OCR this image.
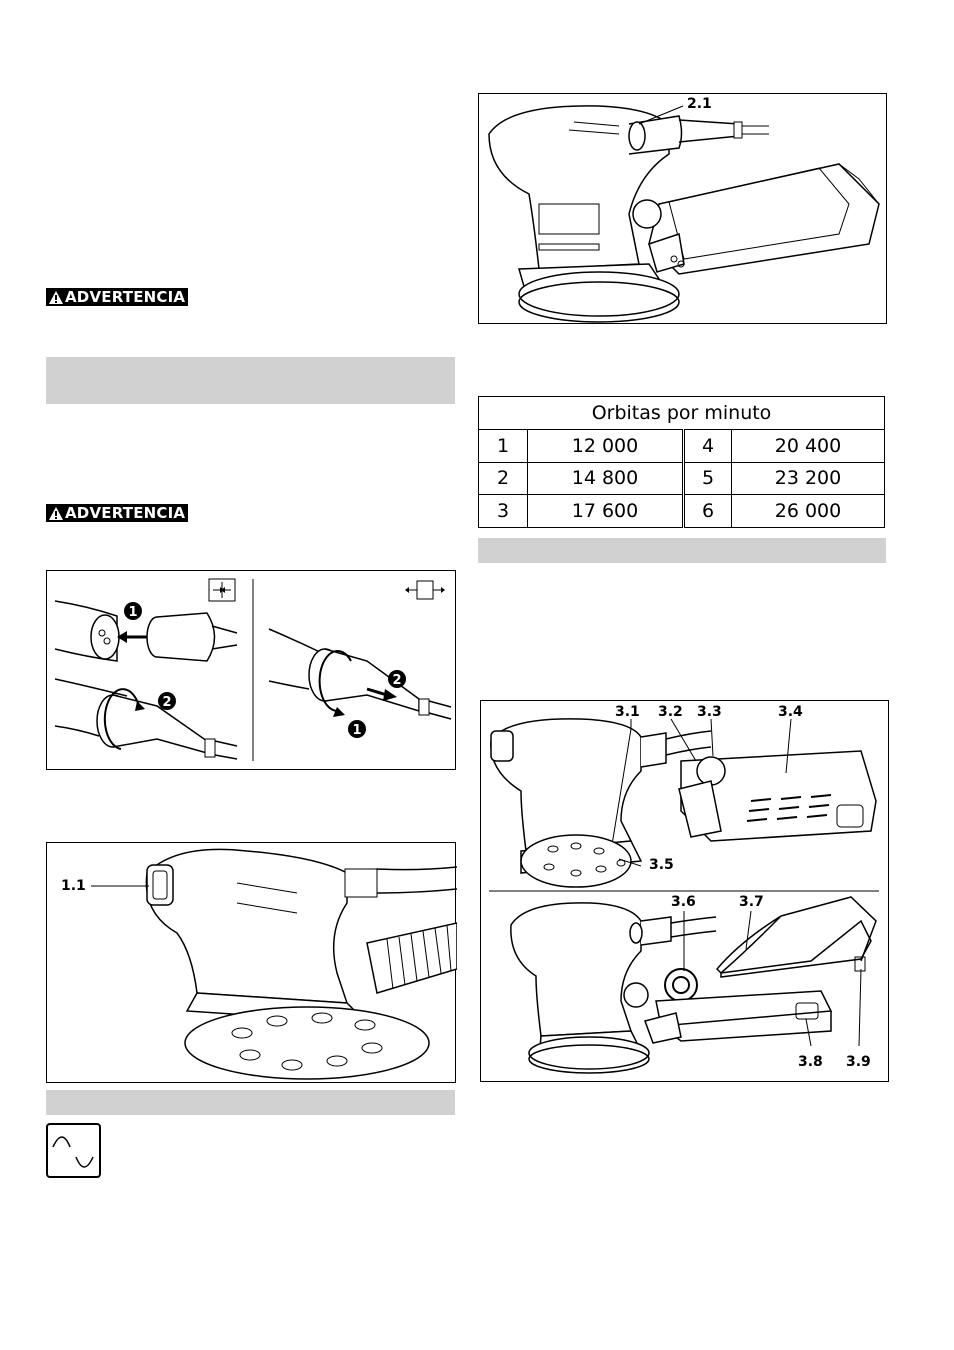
ADVERTENCIA
ADVERTENCIA
1
2
2
1
1.1
2.1
Orbitas por minuto			
1	12 000	4	20 400
2	14 800	5	23 200
3	17 600	6	26 000
3.1 3.2 3.3	3.4
3.5
3.6	3.7
3.8 3.9
